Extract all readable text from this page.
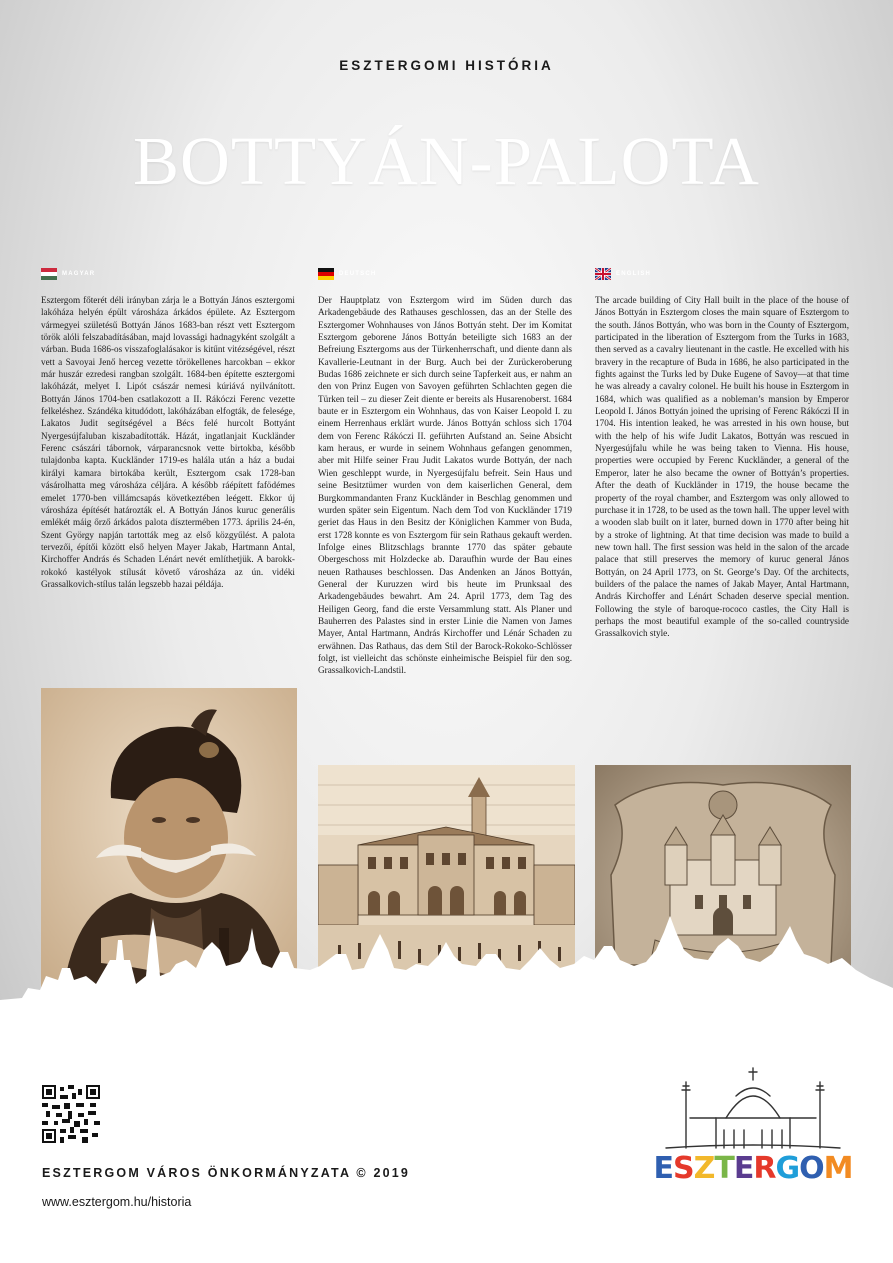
ESZTERGOMI HISTÓRIA
BOTTYÁN-PALOTA
MAGYAR

Esztergom főterét déli irányban zárja le a Bottyán János esztergomi lakóháza helyén épült városháza árkádos épülete. Az Esztergom vármegyei születésű Bottyán János 1683-ban részt vett Esztergom török alóli felszabadításában, majd lovassági hadnagyként szolgált a várban. Buda 1686-os visszafoglalásakor is kitűnt vitézségével, részt vett a Savoyai Jenő herceg vezette törökellenes harcokban – ekkor már huszár ezredesi rangban szolgált. 1684-ben építette esztergomi lakóházát, melyet I. Lipót császár nemesi kúriává nyilvánított. Bottyán János 1704-ben csatlakozott a II. Rákóczi Ferenc vezette felkeléshez. Szándéka kitudódott, lakóházában elfogták, de felesége, Lakatos Judit segítségével a Bécs felé hurcolt Bottyánt Nyergesújfaluban kiszabadították. Házát, ingatlanjait Kuckländer Ferenc császári tábornok, várparancsnok vette birtokba, később tulajdonba kapta. Kuckländer 1719-es halála után a ház a budai királyi kamara birtokába került, Esztergom csak 1728-ban vásárolhatta meg városháza céljára. A később ráépített fafödémes emelet 1770-ben villámcsapás következtében leégett. Ekkor új városháza építését határozták el. A Bottyán János kuruc generális emlékét máig őrző árkádos palota dísztermében 1773. április 24-én, Szent György napján tartották meg az első közgyűlést. A palota tervezői, építői között első helyen Mayer Jakab, Hartmann Antal, Kirchoffer András és Schaden Lénárt nevét említhetjük. A barokk-rokokó kastélyok stílusát követő városháza az ún. vidéki Grassalkovich-stílus talán legszebb hazai példája.

DEUTSCH

Der Hauptplatz von Esztergom wird im Süden durch das Arkadengebäude des Rathauses geschlossen, das an der Stelle des Esztergomer Wohnhauses von János Bottyán steht. Der im Komitat Esztergom geborene János Bottyán beteiligte sich 1683 an der Befreiung Esztergoms aus der Türkenherrschaft, und diente dann als Kavallerie-Leutnant in der Burg. Auch bei der Zurückeroberung Budas 1686 zeichnete er sich durch seine Tapferkeit aus, er nahm an den von Prinz Eugen von Savoyen geführten Schlachten gegen die Türken teil – zu dieser Zeit diente er bereits als Husarenoberst. 1684 baute er in Esztergom ein Wohnhaus, das von Kaiser Leopold I. zu einem Herrenhaus erklärt wurde. János Bottyán schloss sich 1704 dem von Ferenc Rákóczi II. geführten Aufstand an. Seine Absicht kam heraus, er wurde in seinem Wohnhaus gefangen genommen, aber mit Hilfe seiner Frau Judit Lakatos wurde Bottyán, der nach Wien geschleppt wurde, in Nyergesújfalu befreit. Sein Haus und seine Besitztümer wurden von dem kaiserlichen General, dem Burgkommandanten Franz Kuckländer in Beschlag genommen und wurden später sein Eigentum. Nach dem Tod von Kuckländer 1719 geriet das Haus in den Besitz der Königlichen Kammer von Buda, erst 1728 konnte es von Esztergom für sein Rathaus gekauft werden. Infolge eines Blitzschlags brannte 1770 das später gebaute Obergeschoss mit Holzdecke ab. Daraufhin wurde der Bau eines neuen Rathauses beschlossen. Das Andenken an János Bottyán, General der Kuruzzen wird bis heute im Prunksaal des Arkadengebäudes bewahrt. Am 24. April 1773, dem Tag des Heiligen Georg, fand die erste Versammlung statt. Als Planer und Bauherren des Palastes sind in erster Linie die Namen von James Mayer, Antal Hartmann, András Kirchoffer und Lénár Schaden zu erwähnen. Das Rathaus, das dem Stil der Barock-Rokoko-Schlösser folgt, ist vielleicht das schönste einheimische Beispiel für den sog. Grassalkovich-Landstil.

ENGLISH

The arcade building of City Hall built in the place of the house of János Bottyán in Esztergom closes the main square of Esztergom to the south. János Bottyán, who was born in the County of Esztergom, participated in the liberation of Esztergom from the Turks in 1683, then served as a cavalry lieutenant in the castle. He excelled with his bravery in the recapture of Buda in 1686, he also participated in the fights against the Turks led by Duke Eugene of Savoy—at that time he was already a cavalry colonel. He built his house in Esztergom in 1684, which was qualified as a nobleman’s mansion by Emperor Leopold I. János Bottyán joined the uprising of Ferenc Rákóczi II in 1704. His intention leaked, he was arrested in his own house, but with the help of his wife Judit Lakatos, Bottyán was rescued in Nyergesújfalu while he was being taken to Vienna. His house, properties were occupied by Ferenc Kuckländer, a general of the Emperor, later he also became the owner of Bottyán’s properties. After the death of Kuckländer in 1719, the house became the property of the royal chamber, and Esztergom was only allowed to purchase it in 1728, to be used as the town hall. The upper level with a wooden slab built on it later, burned down in 1770 after being hit by a stroke of lightning. At that time decision was made to build a new town hall. The first session was held in the salon of the arcade palace that still preserves the memory of kuruc general János Bottyán, on 24 April 1773, on St. George’s Day. Of the architects, builders of the palace the names of Jakab Mayer, Antal Hartmann, András Kirchoffer and Lénárt Schaden deserve special mention. Following the style of baroque-rococo castles, the City Hall is perhaps the most beautiful example of the so-called countryside Grassalkovich style.

ESZTERGOM VÁROS ÖNKORMÁNYZATA © 2019
www.esztergom.hu/historia
ESZTERGOM
